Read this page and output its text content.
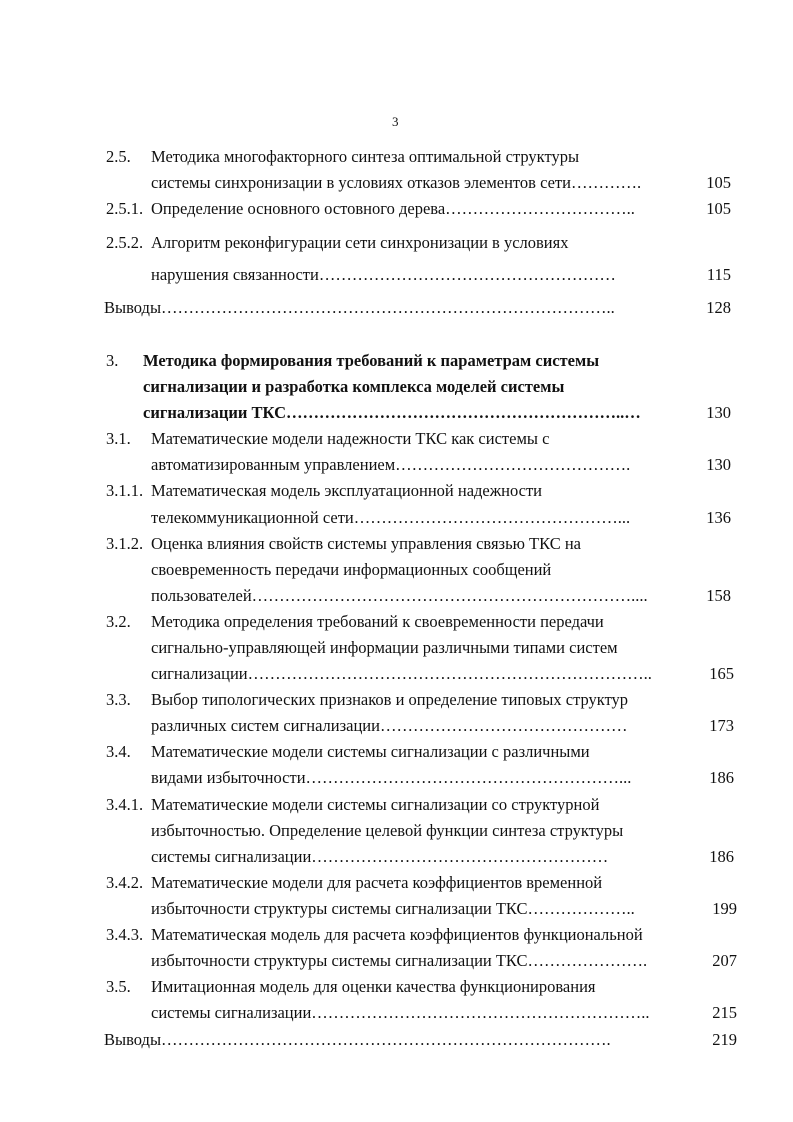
3
2.5. Методика многофакторного синтеза оптимальной структуры
системы синхронизации в условиях отказов элементов сети………….	105
2.5.1. Определение основного остовного дерева……………………………..	105
2.5.2. Алгоритм реконфигурации сети синхронизации в условиях
нарушения связанности………………………………………………	115
Выводы………………………………………………………………………..	128
3. Методика формирования требований к параметрам системы
сигнализации и разработка комплекса моделей системы
сигнализации ТКС……………………………………………………..…	130
3.1. Математические модели надежности ТКС как системы с
автоматизированным управлением…………………………………….	130
3.1.1. Математическая модель эксплуатационной надежности
телекоммуникационной сети…………………………………………...	136
3.1.2. Оценка влияния свойств системы управления связью ТКС на
своевременность передачи информационных сообщений
пользователей……………………………………………………………....	158
3.2. Методика определения требований к своевременности передачи
сигнально-управляющей информации различными типами систем
сигнализации………………………………………………………………..	165
3.3. Выбор типологических признаков и определение типовых структур
различных систем сигнализации………………………………………	173
3.4. Математические модели системы сигнализации с различными
видами избыточности…………………………………………………...	186
3.4.1. Математические модели системы сигнализации со структурной
избыточностью. Определение целевой функции синтеза структуры
системы сигнализации………………………………………………	186
3.4.2. Математические модели для расчета коэффициентов временной
избыточности структуры системы сигнализации ТКС………………..	199
3.4.3. Математическая модель для расчета коэффициентов функциональной
избыточности структуры системы сигнализации ТКС………………….	207
3.5. Имитационная модель для оценки качества функционирования
системы сигнализации……………………………………………………..	215
Выводы……………………………………………………………………….	219
